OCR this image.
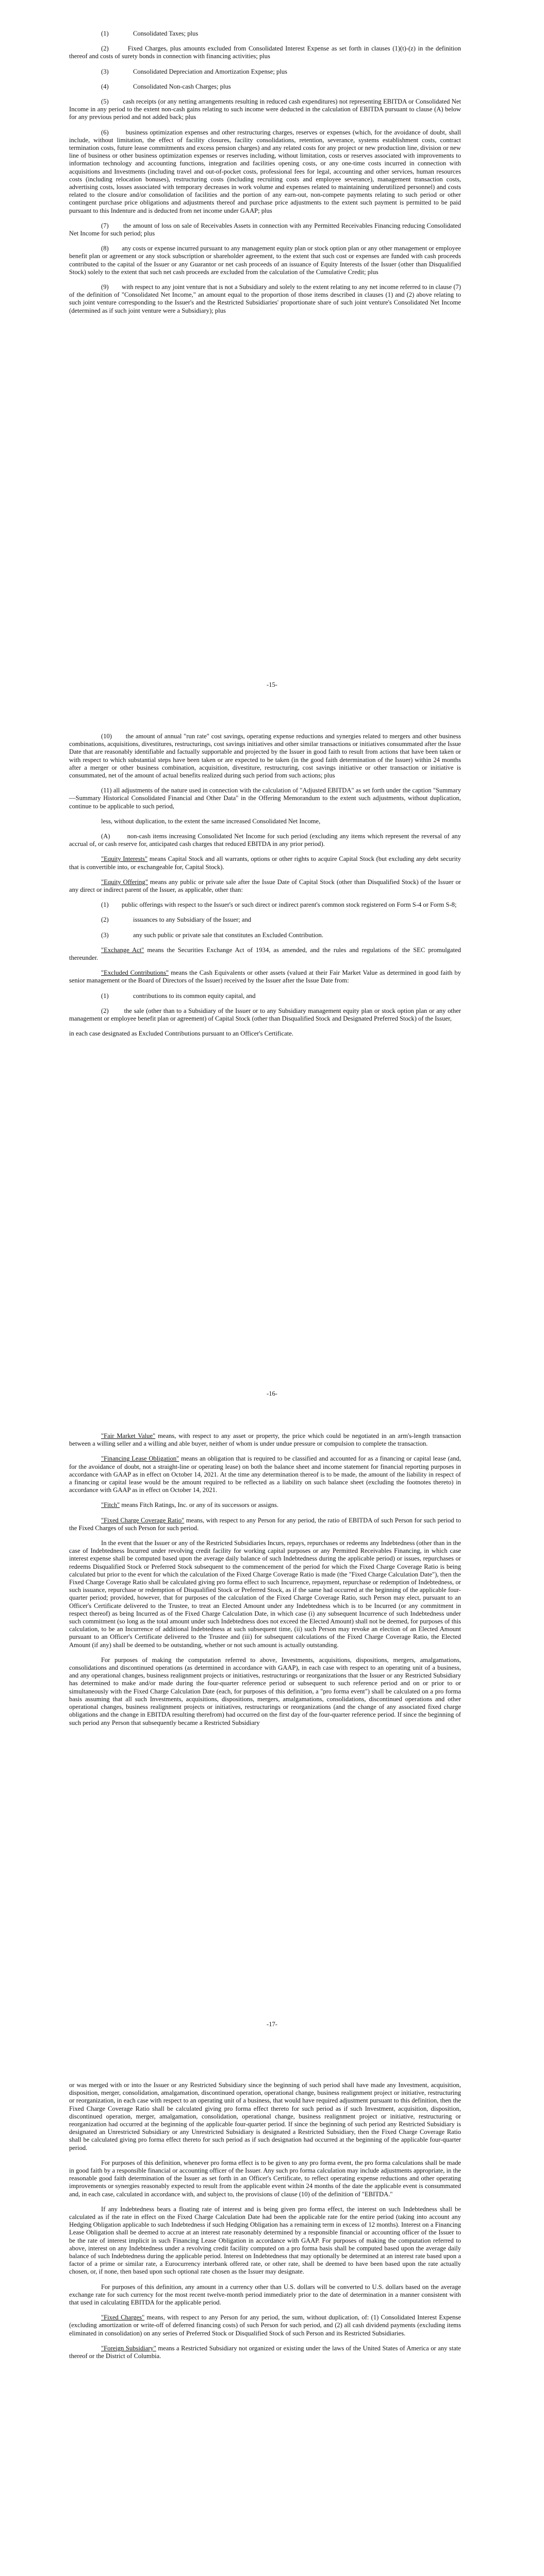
(1)	Consolidated Taxes; plus
(2)	Fixed Charges, plus amounts excluded from Consolidated Interest Expense as set forth in clauses (1)(t)-(z) in the definition thereof and costs of surety bonds in connection with financing activities; plus
(3)	Consolidated Depreciation and Amortization Expense; plus
(4)	Consolidated Non-cash Charges; plus
(5) cash receipts (or any netting arrangements resulting in reduced cash expenditures) not representing EBITDA or Consolidated Net Income in any period to the extent non-cash gains relating to such income were deducted in the calculation of EBITDA pursuant to clause (A) below for any previous period and not added back; plus
(6)	business optimization expenses and other restructuring charges, reserves or expenses (which, for the avoidance of doubt, shall include, without limitation, the effect of facility closures, facility consolidations, retention, severance, systems establishment costs, contract termination costs, future lease commitments and excess pension charges) and any related costs for any project or new production line, division or new line of business or other business optimization expenses or reserves including, without limitation, costs or reserves associated with improvements to information technology and accounting functions, integration and facilities opening costs, or any one-time costs incurred in connection with acquisitions and Investments (including travel and out-of-pocket costs, professional fees for legal, accounting and other services, human resources costs (including relocation bonuses), restructuring costs (including recruiting costs and employee severance), management transaction costs, advertising costs, losses associated with temporary decreases in work volume and expenses related to maintaining underutilized personnel) and costs related to the closure and/or consolidation of facilities and the portion of any earn-out, non-compete payments relating to such period or other contingent purchase price obligations and adjustments thereof and purchase price adjustments to the extent such payment is permitted to be paid pursuant to this Indenture and is deducted from net income under GAAP; plus
(7) the amount of loss on sale of Receivables Assets in connection with any Permitted Receivables Financing reducing Consolidated Net Income for such period; plus
(8) any costs or expense incurred pursuant to any management equity plan or stock option plan or any other management or employee benefit plan or agreement or any stock subscription or shareholder agreement, to the extent that such cost or expenses are funded with cash proceeds contributed to the capital of the Issuer or any Guarantor or net cash proceeds of an issuance of Equity Interests of the Issuer (other than Disqualified Stock) solely to the extent that such net cash proceeds are excluded from the calculation of the Cumulative Credit; plus
(9) with respect to any joint venture that is not a Subsidiary and solely to the extent relating to any net income referred to in clause (7) of the definition of "Consolidated Net Income," an amount equal to the proportion of those items described in clauses (1) and (2) above relating to such joint venture corresponding to the Issuer's and the Restricted Subsidiaries' proportionate share of such joint venture's Consolidated Net Income (determined as if such joint venture were a Subsidiary); plus
-15-

(10) the amount of annual "run rate" cost savings, operating expense reductions and synergies related to mergers and other business combinations, acquisitions, divestitures, restructurings, cost savings initiatives and other similar transactions or initiatives consummated after the Issue Date that are reasonably identifiable and factually supportable and projected by the Issuer in good faith to result from actions that have been taken or with respect to which substantial steps have been taken or are expected to be taken (in the good faith determination of the Issuer) within 24 months after a merger or other business combination, acquisition, divestiture, restructuring, cost savings initiative or other transaction or initiative is consummated, net of the amount of actual benefits realized during such period from such actions; plus

(11) all adjustments of the nature used in connection with the calculation of "Adjusted EBITDA" as set forth under the caption "Summary—Summary Historical Consolidated Financial and Other Data" in the Offering Memorandum to the extent such adjustments, without duplication, continue to be applicable to such period,

less, without duplication, to the extent the same increased Consolidated Net Income,

(A)	non-cash items increasing Consolidated Net Income for such period (excluding any items which represent the reversal of any accrual of, or cash reserve for, anticipated cash charges that reduced EBITDA in any prior period).

"Equity Interests" means Capital Stock and all warrants, options or other rights to acquire Capital Stock (but excluding any debt security that is convertible into, or exchangeable for, Capital Stock).

"Equity Offering" means any public or private sale after the Issue Date of Capital Stock (other than Disqualified Stock) of the Issuer or any direct or indirect parent of the Issuer, as applicable, other than:

(1) public offerings with respect to the Issuer's or such direct or indirect parent's common stock registered on Form S-4 or Form S-8;

(2)	issuances to any Subsidiary of the Issuer; and
(3)	any such public or private sale that constitutes an Excluded Contribution.

"Exchange Act" means the Securities Exchange Act of 1934, as amended, and the rules and regulations of the SEC promulgated thereunder.

"Excluded Contributions" means the Cash Equivalents or other assets (valued at their Fair Market Value as determined in good faith by senior management or the Board of Directors of the Issuer) received by the Issuer after the Issue Date from:

(1)	contributions to its common equity capital, and

(2) the sale (other than to a Subsidiary of the Issuer or to any Subsidiary management equity plan or stock option plan or any other management or employee benefit plan or agreement) of Capital Stock (other than Disqualified Stock and Designated Preferred Stock) of the Issuer,

in each case designated as Excluded Contributions pursuant to an Officer's Certificate.

-16-

"Fair Market Value" means, with respect to any asset or property, the price which could be negotiated in an arm's-length transaction between a willing seller and a willing and able buyer, neither of whom is under undue pressure or compulsion to complete the transaction.

"Financing Lease Obligation" means an obligation that is required to be classified and accounted for as a financing or capital lease (and, for the avoidance of doubt, not a straight-line or operating lease) on both the balance sheet and income statement for financial reporting purposes in accordance with GAAP as in effect on October 14, 2021. At the time any determination thereof is to be made, the amount of the liability in respect of a financing or capital lease would be the amount required to be reflected as a liability on such balance sheet (excluding the footnotes thereto) in accordance with GAAP as in effect on October 14, 2021.

"Fitch" means Fitch Ratings, Inc. or any of its successors or assigns.

"Fixed Charge Coverage Ratio" means, with respect to any Person for any period, the ratio of EBITDA of such Person for such period to the Fixed Charges of such Person for such period.

In the event that the Issuer or any of the Restricted Subsidiaries Incurs, repays, repurchases or redeems any Indebtedness (other than in the case of Indebtedness Incurred under revolving credit facility for working capital purposes or any Permitted Receivables Financing, in which case interest expense shall be computed based upon the average daily balance of such Indebtedness during the applicable period) or issues, repurchases or redeems Disqualified Stock or Preferred Stock subsequent to the commencement of the period for which the Fixed Charge Coverage Ratio is being calculated but prior to the event for which the calculation of the Fixed Charge Coverage Ratio is made (the "Fixed Charge Calculation Date"), then the Fixed Charge Coverage Ratio shall be calculated giving pro forma effect to such Incurrence, repayment, repurchase or redemption of Indebtedness, or such issuance, repurchase or redemption of Disqualified Stock or Preferred Stock, as if the same had occurred at the beginning of the applicable four-quarter period; provided, however, that for purposes of the calculation of the Fixed Charge Coverage Ratio, such Person may elect, pursuant to an Officer's Certificate delivered to the Trustee, to treat an Elected Amount under any Indebtedness which is to be Incurred (or any commitment in respect thereof) as being Incurred as of the Fixed Charge Calculation Date, in which case (i) any subsequent Incurrence of such Indebtedness under such commitment (so long as the total amount under such Indebtedness does not exceed the Elected Amount) shall not be deemed, for purposes of this calculation, to be an Incurrence of additional Indebtedness at such subsequent time, (ii) such Person may revoke an election of an Elected Amount pursuant to an Officer's Certificate delivered to the Trustee and (iii) for subsequent calculations of the Fixed Charge Coverage Ratio, the Elected Amount (if any) shall be deemed to be outstanding, whether or not such amount is actually outstanding.

For purposes of making the computation referred to above, Investments, acquisitions, dispositions, mergers, amalgamations, consolidations and discontinued operations (as determined in accordance with GAAP), in each case with respect to an operating unit of a business, and any operational changes, business realignment projects or initiatives, restructurings or reorganizations that the Issuer or any Restricted Subsidiary has determined to make and/or made during the four-quarter reference period or subsequent to such reference period and on or prior to or simultaneously with the Fixed Charge Calculation Date (each, for purposes of this definition, a "pro forma event") shall be calculated on a pro forma basis assuming that all such Investments, acquisitions, dispositions, mergers, amalgamations, consolidations, discontinued operations and other operational changes, business realignment projects or initiatives, restructurings or reorganizations (and the change of any associated fixed charge obligations and the change in EBITDA resulting therefrom) had occurred on the first day of the four-quarter reference period. If since the beginning of such period any Person that subsequently became a Restricted Subsidiary

-17-

or was merged with or into the Issuer or any Restricted Subsidiary since the beginning of such period shall have made any Investment, acquisition, disposition, merger, consolidation, amalgamation, discontinued operation, operational change, business realignment project or initiative, restructuring or reorganization, in each case with respect to an operating unit of a business, that would have required adjustment pursuant to this definition, then the Fixed Charge Coverage Ratio shall be calculated giving pro forma effect thereto for such period as if such Investment, acquisition, disposition, discontinued operation, merger, amalgamation, consolidation, operational change, business realignment project or initiative, restructuring or reorganization had occurred at the beginning of the applicable four-quarter period. If since the beginning of such period any Restricted Subsidiary is designated an Unrestricted Subsidiary or any Unrestricted Subsidiary is designated a Restricted Subsidiary, then the Fixed Charge Coverage Ratio shall be calculated giving pro forma effect thereto for such period as if such designation had occurred at the beginning of the applicable four-quarter period.

For purposes of this definition, whenever pro forma effect is to be given to any pro forma event, the pro forma calculations shall be made in good faith by a responsible financial or accounting officer of the Issuer. Any such pro forma calculation may include adjustments appropriate, in the reasonable good faith determination of the Issuer as set forth in an Officer's Certificate, to reflect operating expense reductions and other operating improvements or synergies reasonably expected to result from the applicable event within 24 months of the date the applicable event is consummated and, in each case, calculated in accordance with, and subject to, the provisions of clause (10) of the definition of "EBITDA."

If any Indebtedness bears a floating rate of interest and is being given pro forma effect, the interest on such Indebtedness shall be calculated as if the rate in effect on the Fixed Charge Calculation Date had been the applicable rate for the entire period (taking into account any Hedging Obligation applicable to such Indebtedness if such Hedging Obligation has a remaining term in excess of 12 months). Interest on a Financing Lease Obligation shall be deemed to accrue at an interest rate reasonably determined by a responsible financial or accounting officer of the Issuer to be the rate of interest implicit in such Financing Lease Obligation in accordance with GAAP. For purposes of making the computation referred to above, interest on any Indebtedness under a revolving credit facility computed on a pro forma basis shall be computed based upon the average daily balance of such Indebtedness during the applicable period. Interest on Indebtedness that may optionally be determined at an interest rate based upon a factor of a prime or similar rate, a Eurocurrency interbank offered rate, or other rate, shall be deemed to have been based upon the rate actually chosen, or, if none, then based upon such optional rate chosen as the Issuer may designate.

For purposes of this definition, any amount in a currency other than U.S. dollars will be converted to U.S. dollars based on the average exchange rate for such currency for the most recent twelve-month period immediately prior to the date of determination in a manner consistent with that used in calculating EBITDA for the applicable period.

"Fixed Charges" means, with respect to any Person for any period, the sum, without duplication, of: (1) Consolidated Interest Expense (excluding amortization or write-off of deferred financing costs) of such Person for such period, and (2) all cash dividend payments (excluding items eliminated in consolidation) on any series of Preferred Stock or Disqualified Stock of such Person and its Restricted Subsidiaries.

"Foreign Subsidiary" means a Restricted Subsidiary not organized or existing under the laws of the United States of America or any state thereof or the District of Columbia.
